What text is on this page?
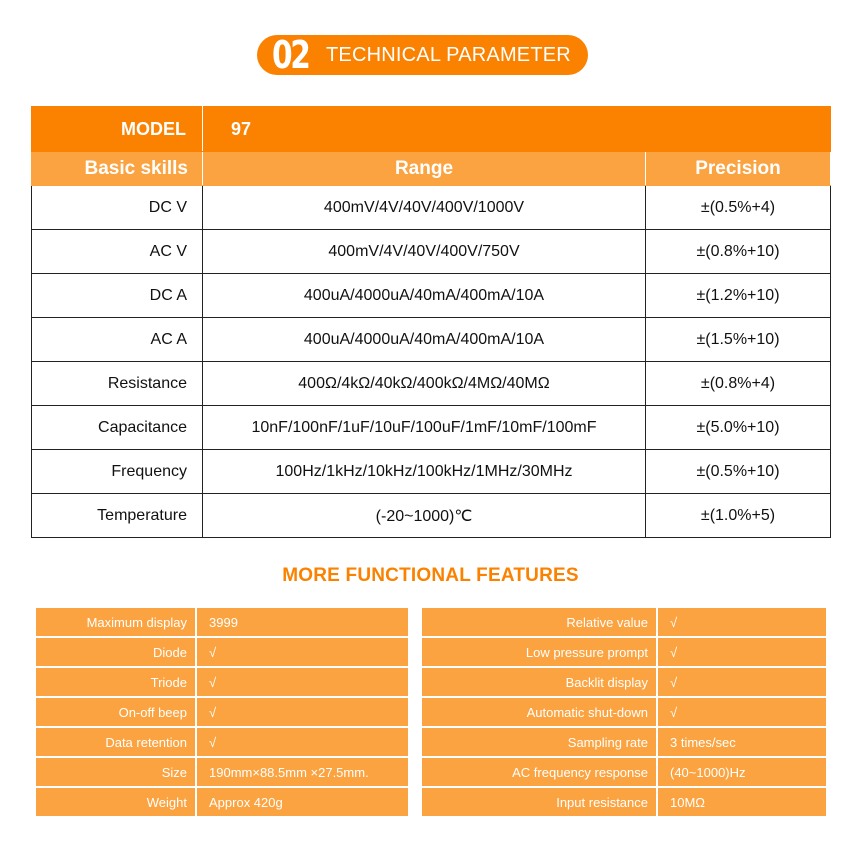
02 TECHNICAL PARAMETER
MODEL	97	
Basic skills	Range	Precision
DC V	400mV/4V/40V/400V/1000V	±(0.5%+4)
AC V	400mV/4V/40V/400V/750V	±(0.8%+10)
DC A	400uA/4000uA/40mA/400mA/10A	±(1.2%+10)
AC A	400uA/4000uA/40mA/400mA/10A	±(1.5%+10)
Resistance	400Ω/4kΩ/40kΩ/400kΩ/4MΩ/40MΩ	±(0.8%+4)
Capacitance	10nF/100nF/1uF/10uF/100uF/1mF/10mF/100mF	±(5.0%+10)
Frequency	100Hz/1kHz/10kHz/100kHz/1MHz/30MHz	±(0.5%+10)
Temperature	(-20~1000)℃	±(1.0%+5)
MORE FUNCTIONAL FEATURES
Maximum display	3999
Diode	√
Triode	√
On-off beep	√
Data retention	√
Size	190mm×88.5mm ×27.5mm.
Weight	Approx 420g
Relative value	√
Low pressure prompt	√
Backlit display	√
Automatic shut-down	√
Sampling rate	3 times/sec
AC frequency response	(40~1000)Hz
Input resistance	10MΩ
